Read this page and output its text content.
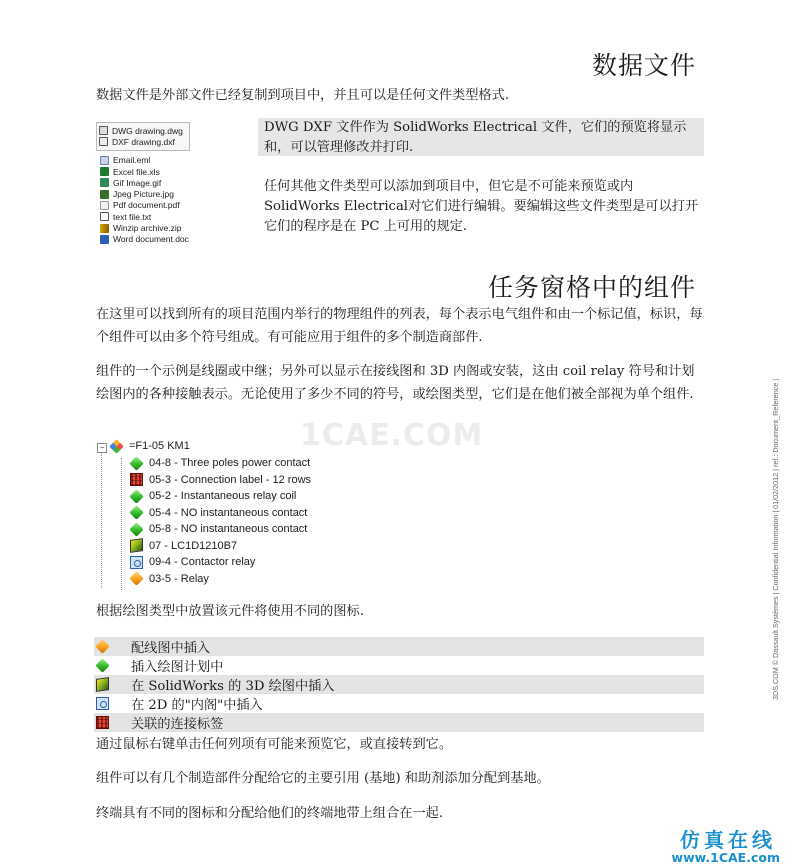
数据文件
数据文件是外部文件已经复制到项目中，并且可以是任何文件类型格式.
DWG drawing.dwg
DXF drawing.dxf
Email.eml
Excel file.xls
Gif Image.gif
Jpeg Picture.jpg
Pdf document.pdf
text file.txt
Winzip archive.zip
Word document.doc
DWG DXF 文件作为 SolidWorks Electrical 文件，它们的预览将显示和，可以管理修改并打印.
任何其他文件类型可以添加到项目中，但它是不可能来预览或内 SolidWorks Electrical对它们进行编辑。要编辑这些文件类型是可以打开它们的程序是在 PC 上可用的规定.
任务窗格中的组件
在这里可以找到所有的项目范围内举行的物理组件的列表，每个表示电气组件和由一个标记值，标识，每个组件可以由多个符号组成。有可能应用于组件的多个制造商部件.
组件的一个示例是线圈或中继；另外可以显示在接线图和 3D 内阁或安装，这由 coil relay 符号和计划绘图内的各种接触表示。无论使用了多少不同的符号，或绘图类型，它们是在他们被全部视为单个组件.
1CAE.COM
− =F1-05 KM1
04-8 - Three poles power contact
05-3 - Connection label - 12 rows
05-2 - Instantaneous relay coil
05-4 - NO instantaneous contact
05-8 - NO instantaneous contact
07 - LC1D1210B7
09-4 - Contactor relay
03-5 - Relay
根据绘图类型中放置该元件将使用不同的图标.
配线图中插入
插入绘图计划中
在 SolidWorks 的 3D 绘图中插入
在 2D 的"内阁"中插入
关联的连接标签
通过鼠标右键单击任何列项有可能来预览它，或直接转到它。
组件可以有几个制造部件分配给它的主要引用 (基地) 和助剂添加分配到基地。
终端具有不同的图标和分配给他们的终端地带上组合在一起.
3DS.COM © Dassault Systèmes | Confidential Information | 01/02/2012 | ref.: Document_Reference |
仿真在线
www.1CAE.com
